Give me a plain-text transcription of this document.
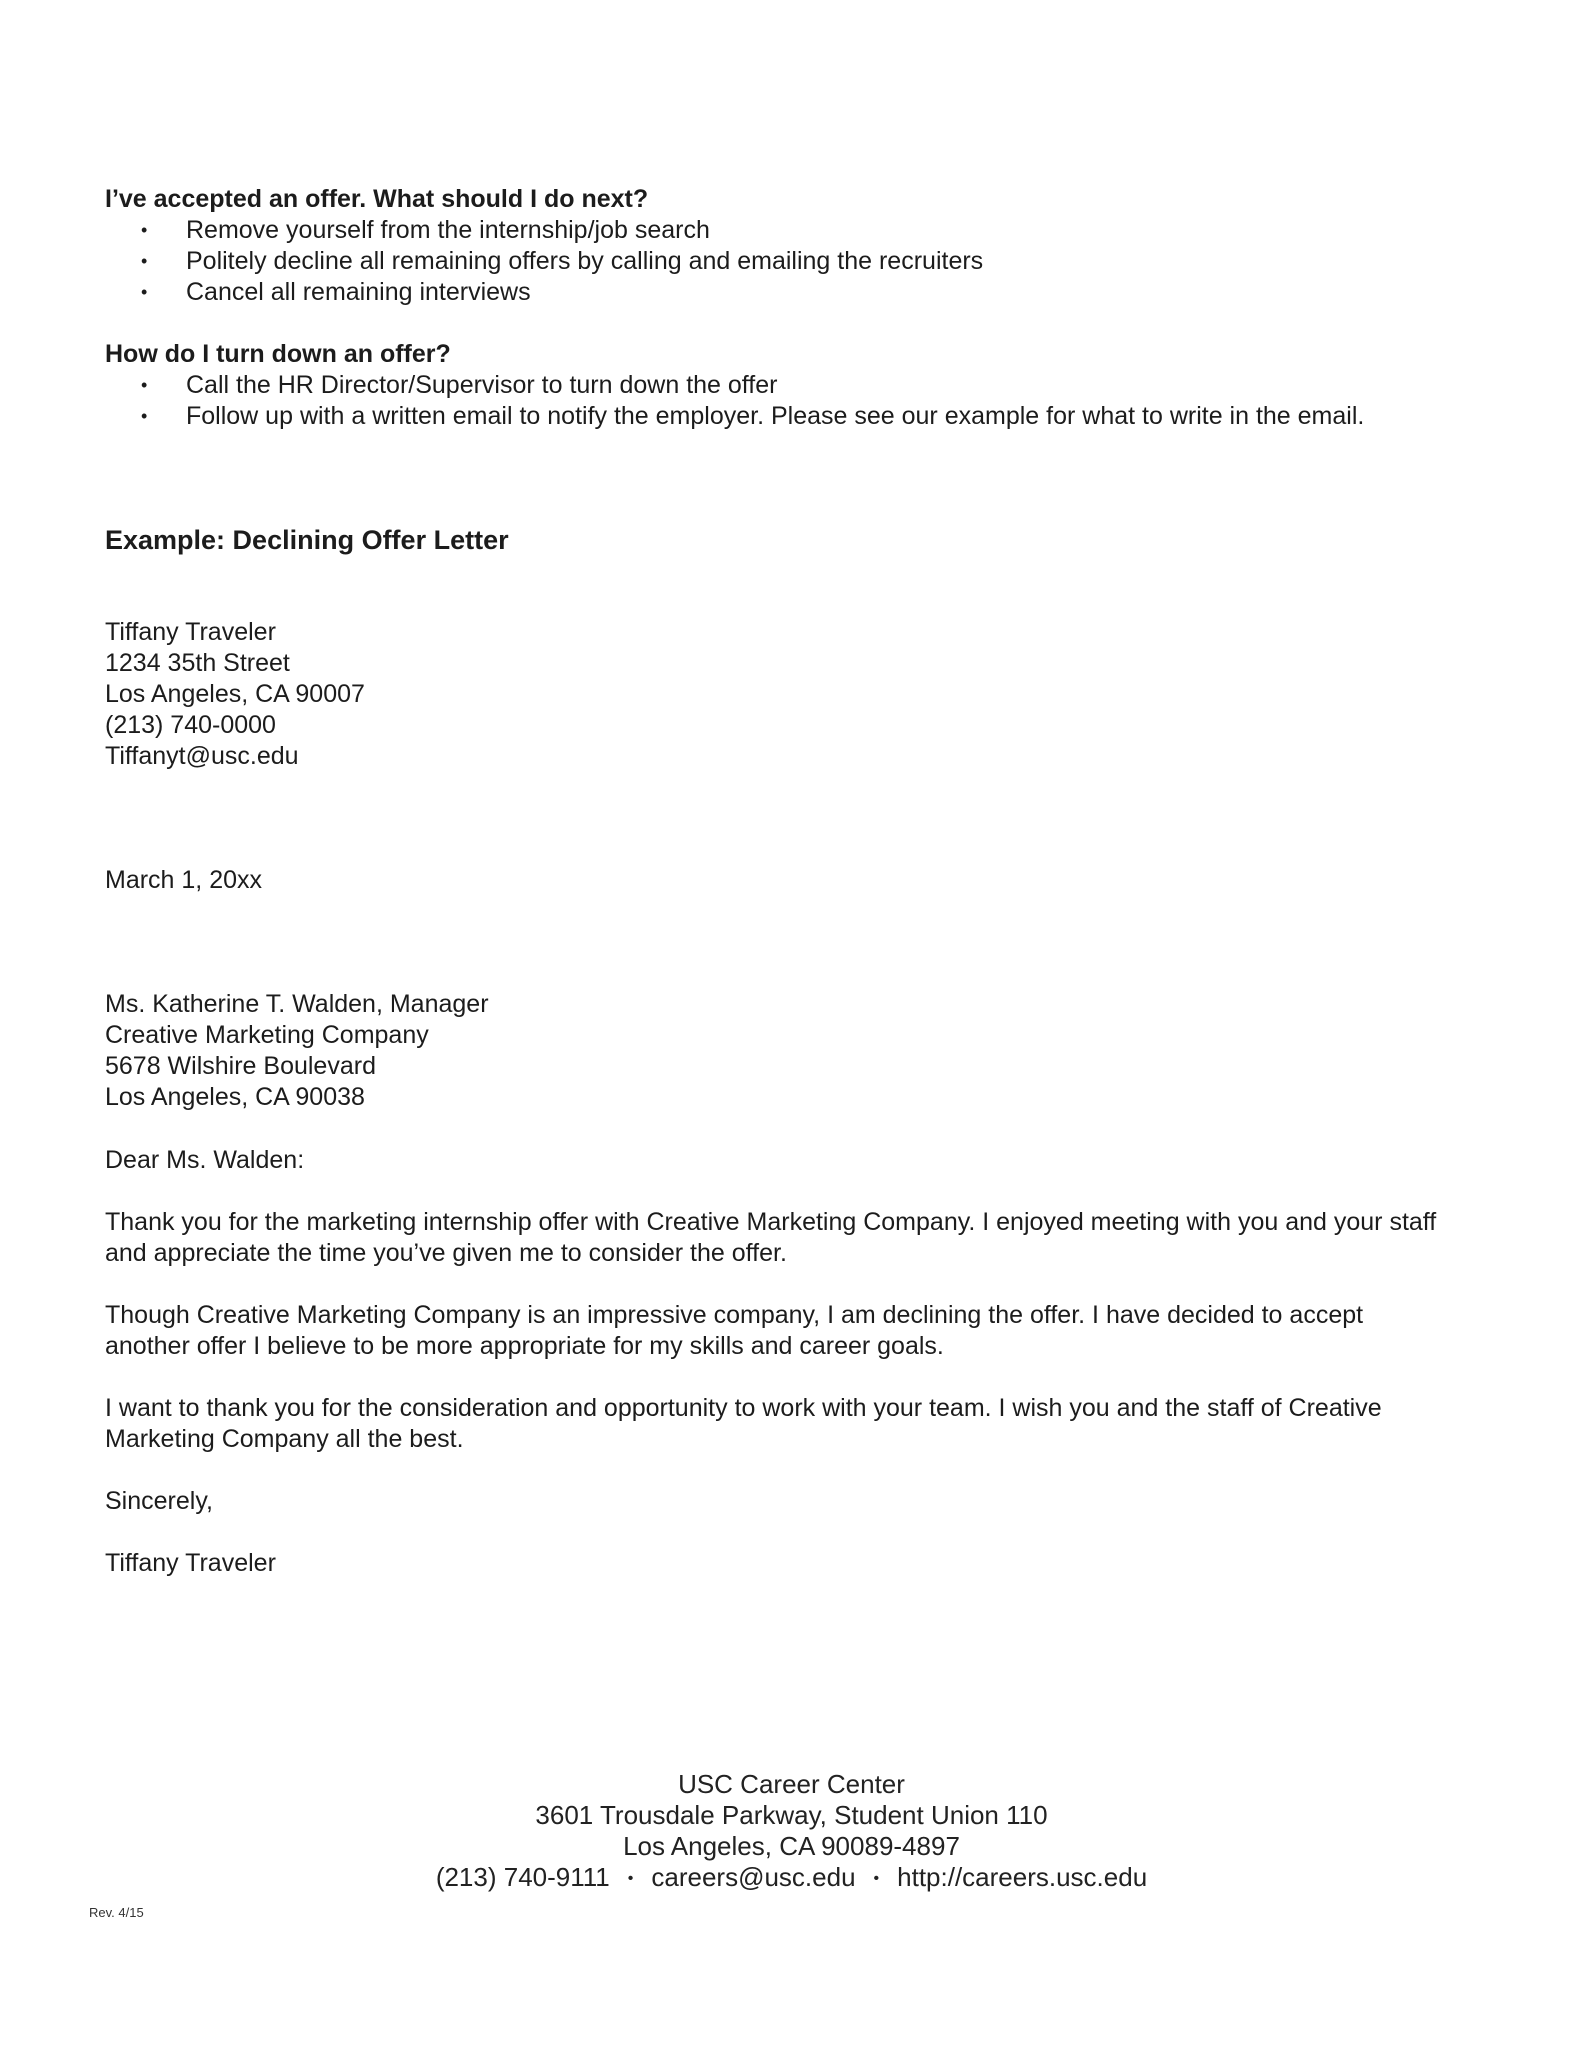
I’ve accepted an offer. What should I do next?

• Remove yourself from the internship/job search
• Politely decline all remaining offers by calling and emailing the recruiters
• Cancel all remaining interviews

How do I turn down an offer?

• Call the HR Director/Supervisor to turn down the offer
• Follow up with a written email to notify the employer. Please see our example for what to write in the email.

Example: Declining Offer Letter

Tiffany Traveler
1234 35th Street
Los Angeles, CA 90007
(213) 740-0000
Tiffanyt@usc.edu
March 1, 20xx
Ms. Katherine T. Walden, Manager
Creative Marketing Company
5678 Wilshire Boulevard
Los Angeles, CA 90038
Dear Ms. Walden:
Thank you for the marketing internship offer with Creative Marketing Company. I enjoyed meeting with you and your staff
and appreciate the time you’ve given me to consider the offer.
Though Creative Marketing Company is an impressive company, I am declining the offer. I have decided to accept
another offer I believe to be more appropriate for my skills and career goals.
I want to thank you for the consideration and opportunity to work with your team. I wish you and the staff of Creative
Marketing Company all the best.
Sincerely,
Tiffany Traveler
USC Career Center
3601 Trousdale Parkway, Student Union 110
Los Angeles, CA 90089-4897
(213) 740-9111 • careers@usc.edu • http://careers.usc.edu
Rev. 4/15
